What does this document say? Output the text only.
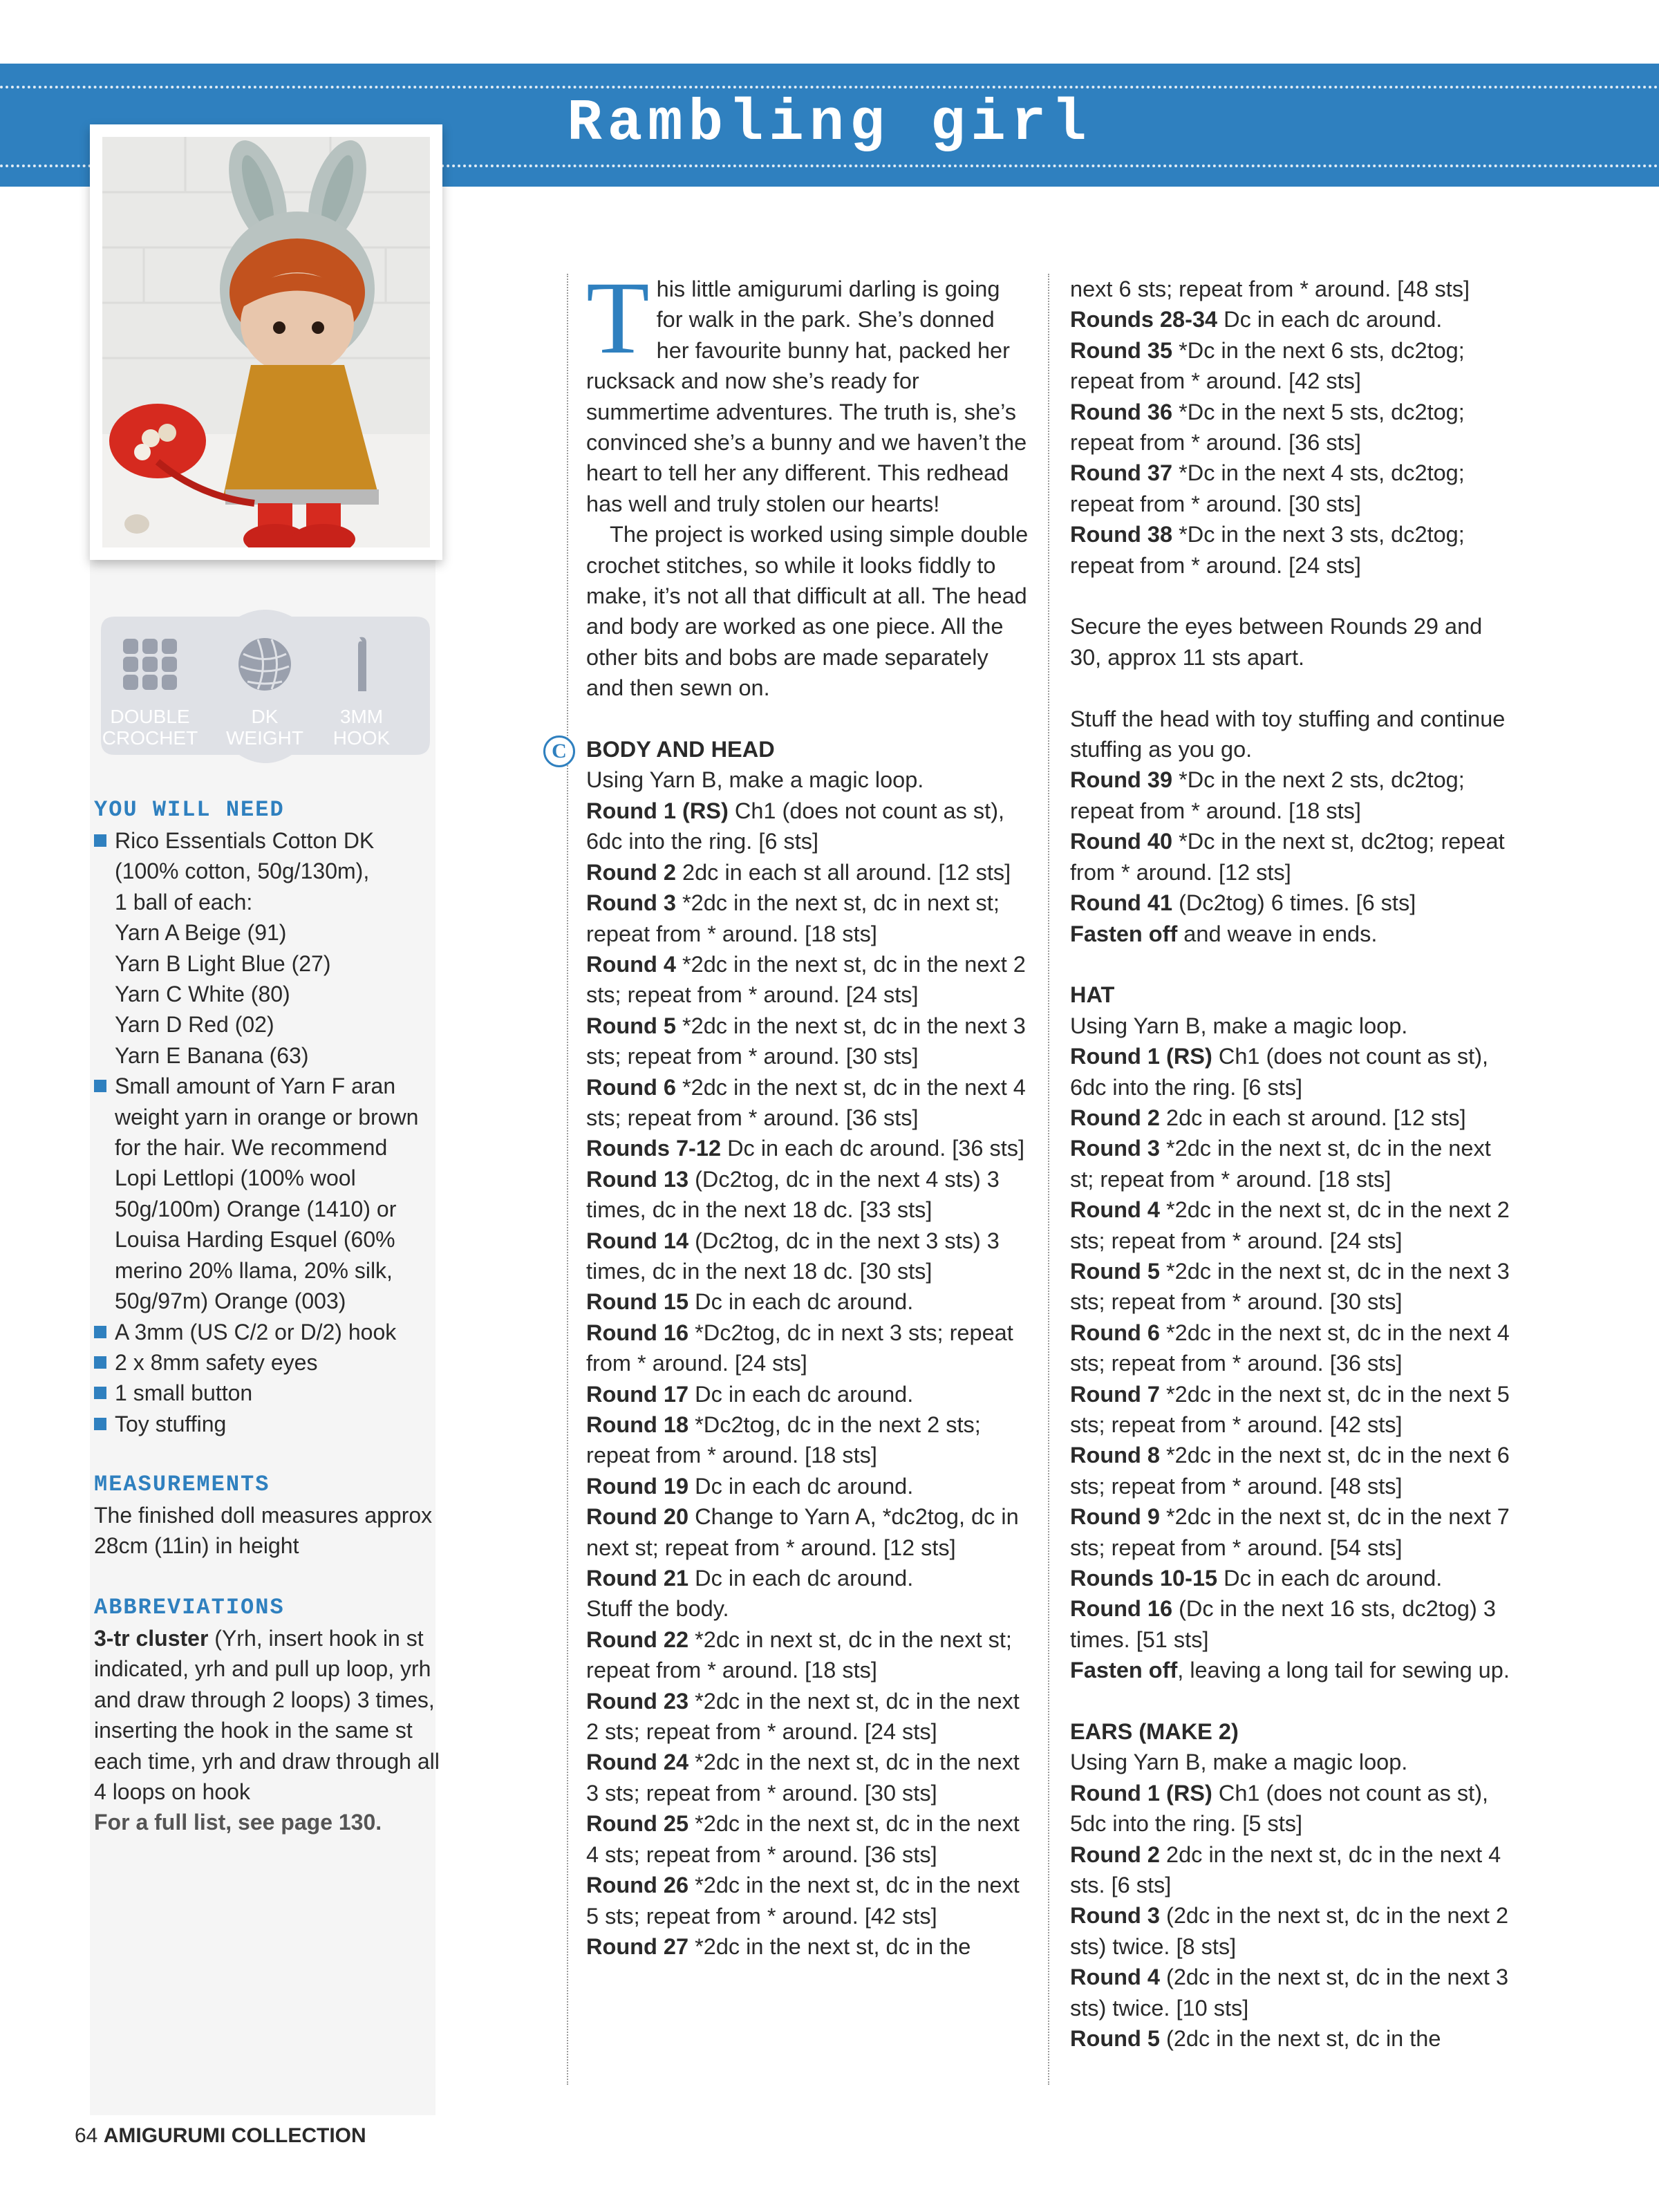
Rambling girl
DOUBLE
CROCHET
DK
WEIGHT
3MM
HOOK
YOU WILL NEED
Rico Essentials Cotton DK
(100% cotton, 50g/130m),
1 ball of each:
Yarn A Beige (91)
Yarn B Light Blue (27)
Yarn C White (80)
Yarn D Red (02)
Yarn E Banana (63)
Small amount of Yarn F aran
weight yarn in orange or brown
for the hair. We recommend
Lopi Lettlopi (100% wool
50g/100m) Orange (1410) or
Louisa Harding Esquel (60%
merino 20% llama, 20% silk,
50g/97m) Orange (003)
A 3mm (US C/2 or D/2) hook
2 x 8mm safety eyes
1 small button
Toy stuffing
MEASUREMENTS

The finished doll measures approx 28cm (11in) in height

ABBREVIATIONS

3-tr cluster (Yrh, insert hook in st indicated, yrh and pull up loop, yrh and draw through 2 loops) 3 times, inserting the hook in the same st each time, yrh and draw through all 4 loops on hook

For a full list, see page 130.

This little amigurumi darling is going for walk in the park. She’s donned her favourite bunny hat, packed her rucksack and now she’s ready for summertime adventures. The truth is, she’s convinced she’s a bunny and we haven’t the heart to tell her any different. This redhead has well and truly stolen our hearts!

The project is worked using simple double crochet stitches, so while it looks fiddly to make, it’s not all that difficult at all. The head and body are worked as one piece. All the other bits and bobs are made separately and then sewn on.

C BODY AND HEAD

Using Yarn B, make a magic loop.

Round 1 (RS) Ch1 (does not count as st), 6dc into the ring. [6 sts]

Round 2 2dc in each st all around. [12 sts]

Round 3 *2dc in the next st, dc in next st; repeat from * around. [18 sts]

Round 4 *2dc in the next st, dc in the next 2 sts; repeat from * around. [24 sts]

Round 5 *2dc in the next st, dc in the next 3 sts; repeat from * around. [30 sts]

Round 6 *2dc in the next st, dc in the next 4 sts; repeat from * around. [36 sts]

Rounds 7-12 Dc in each dc around. [36 sts]

Round 13 (Dc2tog, dc in the next 4 sts) 3 times, dc in the next 18 dc. [33 sts]

Round 14 (Dc2tog, dc in the next 3 sts) 3 times, dc in the next 18 dc. [30 sts]

Round 15 Dc in each dc around.

Round 16 *Dc2tog, dc in next 3 sts; repeat from * around. [24 sts]

Round 17 Dc in each dc around.

Round 18 *Dc2tog, dc in the next 2 sts; repeat from * around. [18 sts]

Round 19 Dc in each dc around.

Round 20 Change to Yarn A, *dc2tog, dc in next st; repeat from * around. [12 sts]

Round 21 Dc in each dc around.

Stuff the body.

Round 22 *2dc in next st, dc in the next st; repeat from * around. [18 sts]

Round 23 *2dc in the next st, dc in the next 2 sts; repeat from * around. [24 sts]

Round 24 *2dc in the next st, dc in the next 3 sts; repeat from * around. [30 sts]

Round 25 *2dc in the next st, dc in the next 4 sts; repeat from * around. [36 sts]

Round 26 *2dc in the next st, dc in the next 5 sts; repeat from * around. [42 sts]

Round 27 *2dc in the next st, dc in the

next 6 sts; repeat from * around. [48 sts]

Rounds 28-34 Dc in each dc around.

Round 35 *Dc in the next 6 sts, dc2tog; repeat from * around. [42 sts]

Round 36 *Dc in the next 5 sts, dc2tog; repeat from * around. [36 sts]

Round 37 *Dc in the next 4 sts, dc2tog; repeat from * around. [30 sts]

Round 38 *Dc in the next 3 sts, dc2tog; repeat from * around. [24 sts]

Secure the eyes between Rounds 29 and 30, approx 11 sts apart.

Stuff the head with toy stuffing and continue stuffing as you go.

Round 39 *Dc in the next 2 sts, dc2tog; repeat from * around. [18 sts]

Round 40 *Dc in the next st, dc2tog; repeat from * around. [12 sts]

Round 41 (Dc2tog) 6 times. [6 sts]

Fasten off and weave in ends.

HAT

Using Yarn B, make a magic loop.

Round 1 (RS) Ch1 (does not count as st), 6dc into the ring. [6 sts]

Round 2 2dc in each st around. [12 sts]

Round 3 *2dc in the next st, dc in the next st; repeat from * around. [18 sts]

Round 4 *2dc in the next st, dc in the next 2 sts; repeat from * around. [24 sts]

Round 5 *2dc in the next st, dc in the next 3 sts; repeat from * around. [30 sts]

Round 6 *2dc in the next st, dc in the next 4 sts; repeat from * around. [36 sts]

Round 7 *2dc in the next st, dc in the next 5 sts; repeat from * around. [42 sts]

Round 8 *2dc in the next st, dc in the next 6 sts; repeat from * around. [48 sts]

Round 9 *2dc in the next st, dc in the next 7 sts; repeat from * around. [54 sts]

Rounds 10-15 Dc in each dc around.

Round 16 (Dc in the next 16 sts, dc2tog) 3 times. [51 sts]

Fasten off, leaving a long tail for sewing up.

EARS (MAKE 2)

Using Yarn B, make a magic loop.

Round 1 (RS) Ch1 (does not count as st), 5dc into the ring. [5 sts]

Round 2 2dc in the next st, dc in the next 4 sts. [6 sts]

Round 3 (2dc in the next st, dc in the next 2 sts) twice. [8 sts]

Round 4 (2dc in the next st, dc in the next 3 sts) twice. [10 sts]

Round 5 (2dc in the next st, dc in the

64 AMIGURUMI COLLECTION
